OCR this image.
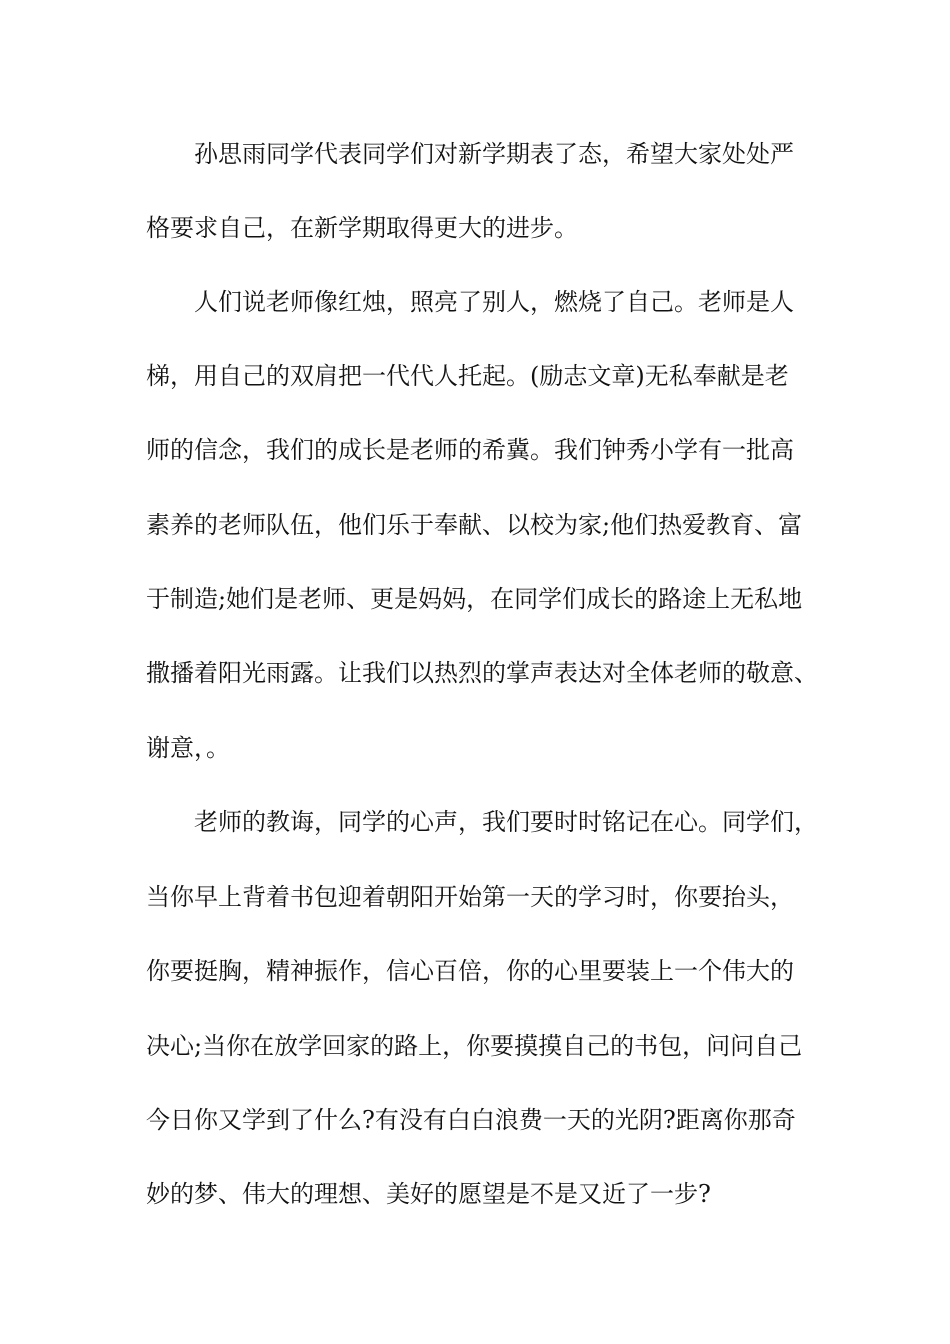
孙思雨同学代表同学们对新学期表了态，希望大家处处严
格要求自己，在新学期取得更大的进步。
人们说老师像红烛，照亮了别人，燃烧了自己。老师是人
梯，用自己的双肩把一代代人托起。(励志文章)无私奉献是老
师的信念，我们的成长是老师的希冀。我们钟秀小学有一批高
素养的老师队伍，他们乐于奉献、以校为家;他们热爱教育、富
于制造;她们是老师、更是妈妈，在同学们成长的路途上无私地
撒播着阳光雨露。让我们以热烈的掌声表达对全体老师的敬意、
谢意，。
老师的教诲，同学的心声，我们要时时铭记在心。同学们，
当你早上背着书包迎着朝阳开始第一天的学习时，你要抬头，
你要挺胸，精神振作，信心百倍，你的心里要装上一个伟大的
决心;当你在放学回家的路上，你要摸摸自己的书包，问问自己
今日你又学到了什么?有没有白白浪费一天的光阴?距离你那奇
妙的梦、伟大的理想、美好的愿望是不是又近了一步?
